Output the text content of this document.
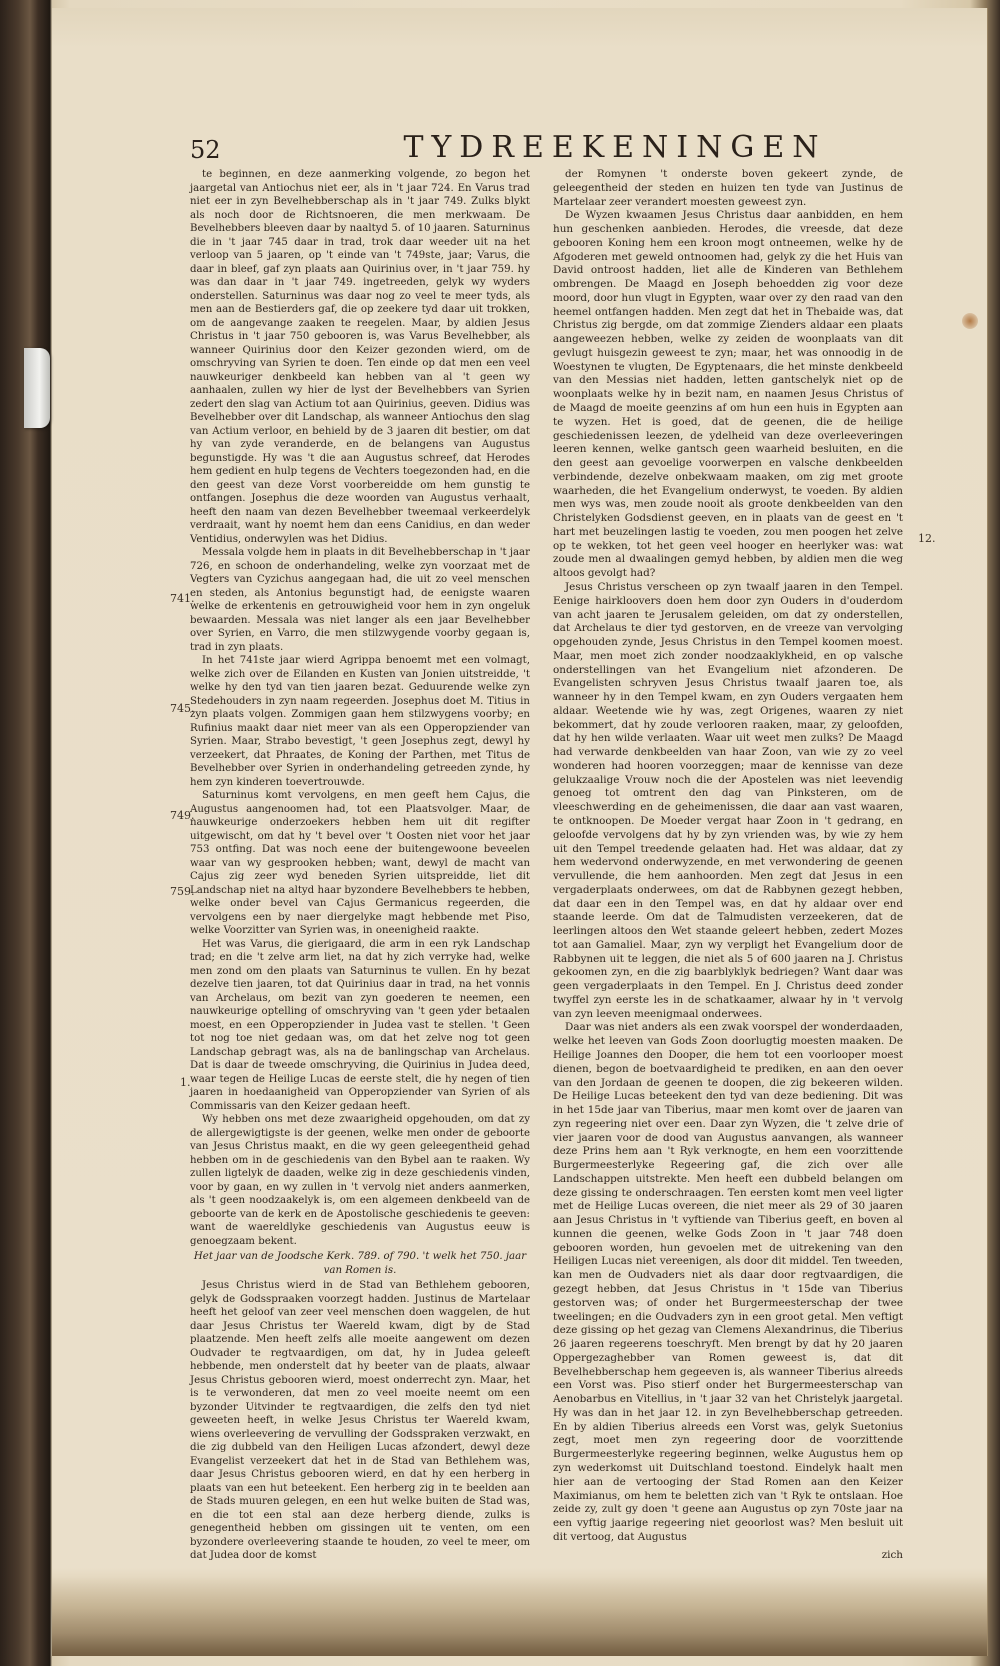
52	TYDREEKENINGEN

te beginnen, en deze aanmerking volgende, zo begon het jaargetal van Antiochus niet eer, als in 't jaar 724. En Varus trad niet eer in zyn Bevelhebberschap als in 't jaar 749. Zulks blykt als noch door de Richtsnoeren, die men merkwaam. De Bevelhebbers bleeven daar by naaltyd 5. of 10 jaaren. Saturninus die in 't jaar 745 daar in trad, trok daar weeder uit na het verloop van 5 jaaren, op 't einde van 't 749ste, jaar; Varus, die daar in bleef, gaf zyn plaats aan Quirinius over, in 't jaar 759. hy was dan daar in 't jaar 749. ingetreeden, gelyk wy wyders onderstellen. Saturninus was daar nog zo veel te meer tyds, als men aan de Bestierders gaf, die op zeekere tyd daar uit trokken, om de aangevange zaaken te reegelen. Maar, by aldien Jesus Christus in 't jaar 750 gebooren is, was Varus Bevelhebber, als wanneer Quirinius door den Keizer gezonden wierd, om de omschryving van Syrien te doen. Ten einde op dat men een veel nauwkeuriger denkbeeld kan hebben van al 't geen wy aanhaalen, zullen wy hier de lyst der Bevelhebbers van Syrien zedert den slag van Actium tot aan Quirinius, geeven. Didius was Bevelhebber over dit Landschap, als wanneer Antiochus den slag van Actium verloor, en behield by de 3 jaaren dit bestier, om dat hy van zyde veranderde, en de belangens van Augustus begunstigde. Hy was 't die aan Augustus schreef, dat Herodes hem gedient en hulp tegens de Vechters toegezonden had, en die den geest van deze Vorst voorbereidde om hem gunstig te ontfangen. Josephus die deze woorden van Augustus verhaalt, heeft den naam van dezen Bevelhebber tweemaal verkeerdelyk verdraait, want hy noemt hem dan eens Canidius, en dan weder Ventidius, onderwylen was het Didius.

Messala volgde hem in plaats in dit Bevelhebberschap in 't jaar 726, en schoon de onderhandeling, welke zyn voorzaat met de Vegters van Cyzichus aangegaan had, die uit zo veel menschen en steden, als Antonius begunstigt had, de eenigste waaren welke de erkentenis en getrouwigheid voor hem in zyn ongeluk bewaarden. Messala was niet langer als een jaar Bevelhebber over Syrien, en Varro, die men stilzwygende voorby gegaan is, trad in zyn plaats.

In het 741ste jaar wierd Agrippa benoemt met een volmagt, welke zich over de Eilanden en Kusten van Jonien uitstreidde, 't welke hy den tyd van tien jaaren bezat. Geduurende welke zyn Stedehouders in zyn naam regeerden. Josephus doet M. Titius in zyn plaats volgen. Zommigen gaan hem stilzwygens voorby; en Rufinius maakt daar niet meer van als een Opperopziender van Syrien. Maar, Strabo bevestigt, 't geen Josephus zegt, dewyl hy verzeekert, dat Phraates, de Koning der Parthen, met Titus de Bevelhebber over Syrien in onderhandeling getreeden zynde, hy hem zyn kinderen toevertrouwde.

Saturninus komt vervolgens, en men geeft hem Cajus, die Augustus aangenoomen had, tot een Plaatsvolger. Maar, de nauwkeurige onderzoekers hebben hem uit dit regifter uitgewischt, om dat hy 't bevel over 't Oosten niet voor het jaar 753 ontfing. Dat was noch eene der buitengewoone beveelen waar van wy gesprooken hebben; want, dewyl de macht van Cajus zig zeer wyd beneden Syrien uitspreidde, liet dit Landschap niet na altyd haar byzondere Bevelhebbers te hebben, welke onder bevel van Cajus Germanicus regeerden, die vervolgens een by naer diergelyke magt hebbende met Piso, welke Voorzitter van Syrien was, in oneenigheid raakte.

Het was Varus, die gierigaard, die arm in een ryk Landschap trad; en die 't zelve arm liet, na dat hy zich verryke had, welke men zond om den plaats van Saturninus te vullen. En hy bezat dezelve tien jaaren, tot dat Quirinius daar in trad, na het vonnis van Archelaus, om bezit van zyn goederen te neemen, een nauwkeurige optelling of omschryving van 't geen yder betaalen moest, en een Opperopziender in Judea vast te stellen. 't Geen tot nog toe niet gedaan was, om dat het zelve nog tot geen Landschap gebragt was, als na de banlingschap van Archelaus. Dat is daar de tweede omschryving, die Quirinius in Judea deed, waar tegen de Heilige Lucas de eerste stelt, die hy negen of tien jaaren in hoedaanigheid van Opperopziender van Syrien of als Commissaris van den Keizer gedaan heeft.

Wy hebben ons met deze zwaarigheid opgehouden, om dat zy de allergewigtigste is der geenen, welke men onder de geboorte van Jesus Christus maakt, en die wy geen geleegentheid gehad hebben om in de geschiedenis van den Bybel aan te raaken. Wy zullen ligtelyk de daaden, welke zig in deze geschiedenis vinden, voor by gaan, en wy zullen in 't vervolg niet anders aanmerken, als 't geen noodzaakelyk is, om een algemeen denkbeeld van de geboorte van de kerk en de Apostolische geschiedenis te geeven: want de waereldlyke geschiedenis van Augustus eeuw is genoegzaam bekent.

Het jaar van de Joodsche Kerk. 789. of 790. 't welk het 750. jaar van Romen is.

Jesus Christus wierd in de Stad van Bethlehem gebooren, gelyk de Godsspraaken voorzegt hadden. Justinus de Martelaar heeft het geloof van zeer veel menschen doen waggelen, de hut daar Jesus Christus ter Waereld kwam, digt by de Stad plaatzende. Men heeft zelfs alle moeite aangewent om dezen Oudvader te regtvaardigen, om dat, hy in Judea geleeft hebbende, men onderstelt dat hy beeter van de plaats, alwaar Jesus Christus gebooren wierd, moest onderrecht zyn. Maar, het is te verwonderen, dat men zo veel moeite neemt om een byzonder Uitvinder te regtvaardigen, die zelfs den tyd niet geweeten heeft, in welke Jesus Christus ter Waereld kwam, wiens overleevering de vervulling der Godsspraken verzwakt, en die zig dubbeld van den Heiligen Lucas afzondert, dewyl deze Evangelist verzeekert dat het in de Stad van Bethlehem was, daar Jesus Christus gebooren wierd, en dat hy een herberg in plaats van een hut beteekent. Een herberg zig in te beelden aan de Stads muuren gelegen, en een hut welke buiten de Stad was, en die tot een stal aan deze herberg diende, zulks is genegentheid hebben om gissingen uit te venten, om een byzondere overleevering staande te houden, zo veel te meer, om dat Judea door de komst

der Romynen 't onderste boven gekeert zynde, de geleegentheid der steden en huizen ten tyde van Justinus de Martelaar zeer verandert moesten geweest zyn.

De Wyzen kwaamen Jesus Christus daar aanbidden, en hem hun geschenken aanbieden. Herodes, die vreesde, dat deze gebooren Koning hem een kroon mogt ontneemen, welke hy de Afgoderen met geweld ontnoomen had, gelyk zy die het Huis van David ontroost hadden, liet alle de Kinderen van Bethlehem ombrengen. De Maagd en Joseph behoedden zig voor deze moord, door hun vlugt in Egypten, waar over zy den raad van den heemel ontfangen hadden. Men zegt dat het in Thebaide was, dat Christus zig bergde, om dat zommige Zienders aldaar een plaats aangeweezen hebben, welke zy zeiden de woonplaats van dit gevlugt huisgezin geweest te zyn; maar, het was onnoodig in de Woestynen te vlugten, De Egyptenaars, die het minste denkbeeld van den Messias niet hadden, letten gantschelyk niet op de woonplaats welke hy in bezit nam, en naamen Jesus Christus of de Maagd de moeite geenzins af om hun een huis in Egypten aan te wyzen. Het is goed, dat de geenen, die de heilige geschiedenissen leezen, de ydelheid van deze overleeveringen leeren kennen, welke gantsch geen waarheid besluiten, en die den geest aan gevoelige voorwerpen en valsche denkbeelden verbindende, dezelve onbekwaam maaken, om zig met groote waarheden, die het Evangelium onderwyst, te voeden. By aldien men wys was, men zoude nooit als groote denkbeelden van den Christelyken Godsdienst geeven, en in plaats van de geest en 't hart met beuzelingen lastig te voeden, zou men poogen het zelve op te wekken, tot het geen veel hooger en heerlyker was: wat zoude men al dwaalingen gemyd hebben, by aldien men die weg altoos gevolgt had?

Jesus Christus verscheen op zyn twaalf jaaren in den Tempel. Eenige hairkloovers doen hem door zyn Ouders in d'ouderdom van acht jaaren te Jerusalem geleiden, om dat zy onderstellen, dat Archelaus te dier tyd gestorven, en de vreeze van vervolging opgehouden zynde, Jesus Christus in den Tempel koomen moest. Maar, men moet zich zonder noodzaaklykheid, en op valsche onderstellingen van het Evangelium niet afzonderen. De Evangelisten schryven Jesus Christus twaalf jaaren toe, als wanneer hy in den Tempel kwam, en zyn Ouders vergaaten hem aldaar. Weetende wie hy was, zegt Origenes, waaren zy niet bekommert, dat hy zoude verlooren raaken, maar, zy geloofden, dat hy hen wilde verlaaten. Waar uit weet men zulks? De Maagd had verwarde denkbeelden van haar Zoon, van wie zy zo veel wonderen had hooren voorzeggen; maar de kennisse van deze gelukzaalige Vrouw noch die der Apostelen was niet leevendig genoeg tot omtrent den dag van Pinksteren, om de vleeschwerding en de geheimenissen, die daar aan vast waaren, te ontknoopen. De Moeder vergat haar Zoon in 't gedrang, en geloofde vervolgens dat hy by zyn vrienden was, by wie zy hem uit den Tempel treedende gelaaten had. Het was aldaar, dat zy hem wedervond onderwyzende, en met verwondering de geenen vervullende, die hem aanhoorden. Men zegt dat Jesus in een vergaderplaats onderwees, om dat de Rabbynen gezegt hebben, dat daar een in den Tempel was, en dat hy aldaar over end staande leerde. Om dat de Talmudisten verzeekeren, dat de leerlingen altoos den Wet staande geleert hebben, zedert Mozes tot aan Gamaliel. Maar, zyn wy verpligt het Evangelium door de Rabbynen uit te leggen, die niet als 5 of 600 jaaren na J. Christus gekoomen zyn, en die zig baarblyklyk bedriegen? Want daar was geen vergaderplaats in den Tempel. En J. Christus deed zonder twyffel zyn eerste les in de schatkaamer, alwaar hy in 't vervolg van zyn leeven meenigmaal onderwees.

Daar was niet anders als een zwak voorspel der wonderdaaden, welke het leeven van Gods Zoon doorlugtig moesten maaken. De Heilige Joannes den Dooper, die hem tot een voorlooper moest dienen, begon de boetvaardigheid te prediken, en aan den oever van den Jordaan de geenen te doopen, die zig bekeeren wilden. De Heilige Lucas beteekent den tyd van deze bediening. Dit was in het 15de jaar van Tiberius, maar men komt over de jaaren van zyn regeering niet over een. Daar zyn Wyzen, die 't zelve drie of vier jaaren voor de dood van Augustus aanvangen, als wanneer deze Prins hem aan 't Ryk verknogte, en hem een voorzittende Burgermeesterlyke Regeering gaf, die zich over alle Landschappen uitstrekte. Men heeft een dubbeld belangen om deze gissing te onderschraagen. Ten eersten komt men veel ligter met de Heilige Lucas overeen, die niet meer als 29 of 30 jaaren aan Jesus Christus in 't vyftiende van Tiberius geeft, en boven al kunnen die geenen, welke Gods Zoon in 't jaar 748 doen gebooren worden, hun gevoelen met de uitrekening van den Heiligen Lucas niet vereenigen, als door dit middel. Ten tweeden, kan men de Oudvaders niet als daar door regtvaardigen, die gezegt hebben, dat Jesus Christus in 't 15de van Tiberius gestorven was; of onder het Burgermeesterschap der twee tweelingen; en die Oudvaders zyn in een groot getal. Men veftigt deze gissing op het gezag van Clemens Alexandrinus, die Tiberius 26 jaaren regeerens toeschryft. Men brengt by dat hy 20 jaaren Oppergezaghebber van Romen geweest is, dat dit Bevelhebberschap hem gegeeven is, als wanneer Tiberius alreeds een Vorst was. Piso stierf onder het Burgermeesterschap van Aenobarbus en Vitellius, in 't jaar 32 van het Christelyk jaargetal. Hy was dan in het jaar 12. in zyn Bevelhebberschap getreeden. En by aldien Tiberius alreeds een Vorst was, gelyk Suetonius zegt, moet men zyn regeering door de voorzittende Burgermeesterlyke regeering beginnen, welke Augustus hem op zyn wederkomst uit Duitschland toestond. Eindelyk haalt men hier aan de vertooging der Stad Romen aan den Keizer Maximianus, om hem te beletten zich van 't Ryk te ontslaan. Hoe zeide zy, zult gy doen 't geene aan Augustus op zyn 70ste jaar na een vyftig jaarige regeering niet geoorlost was? Men besluit uit dit vertoog, dat Augustus

zich

741.
745.
749.
759.
1.
12.
